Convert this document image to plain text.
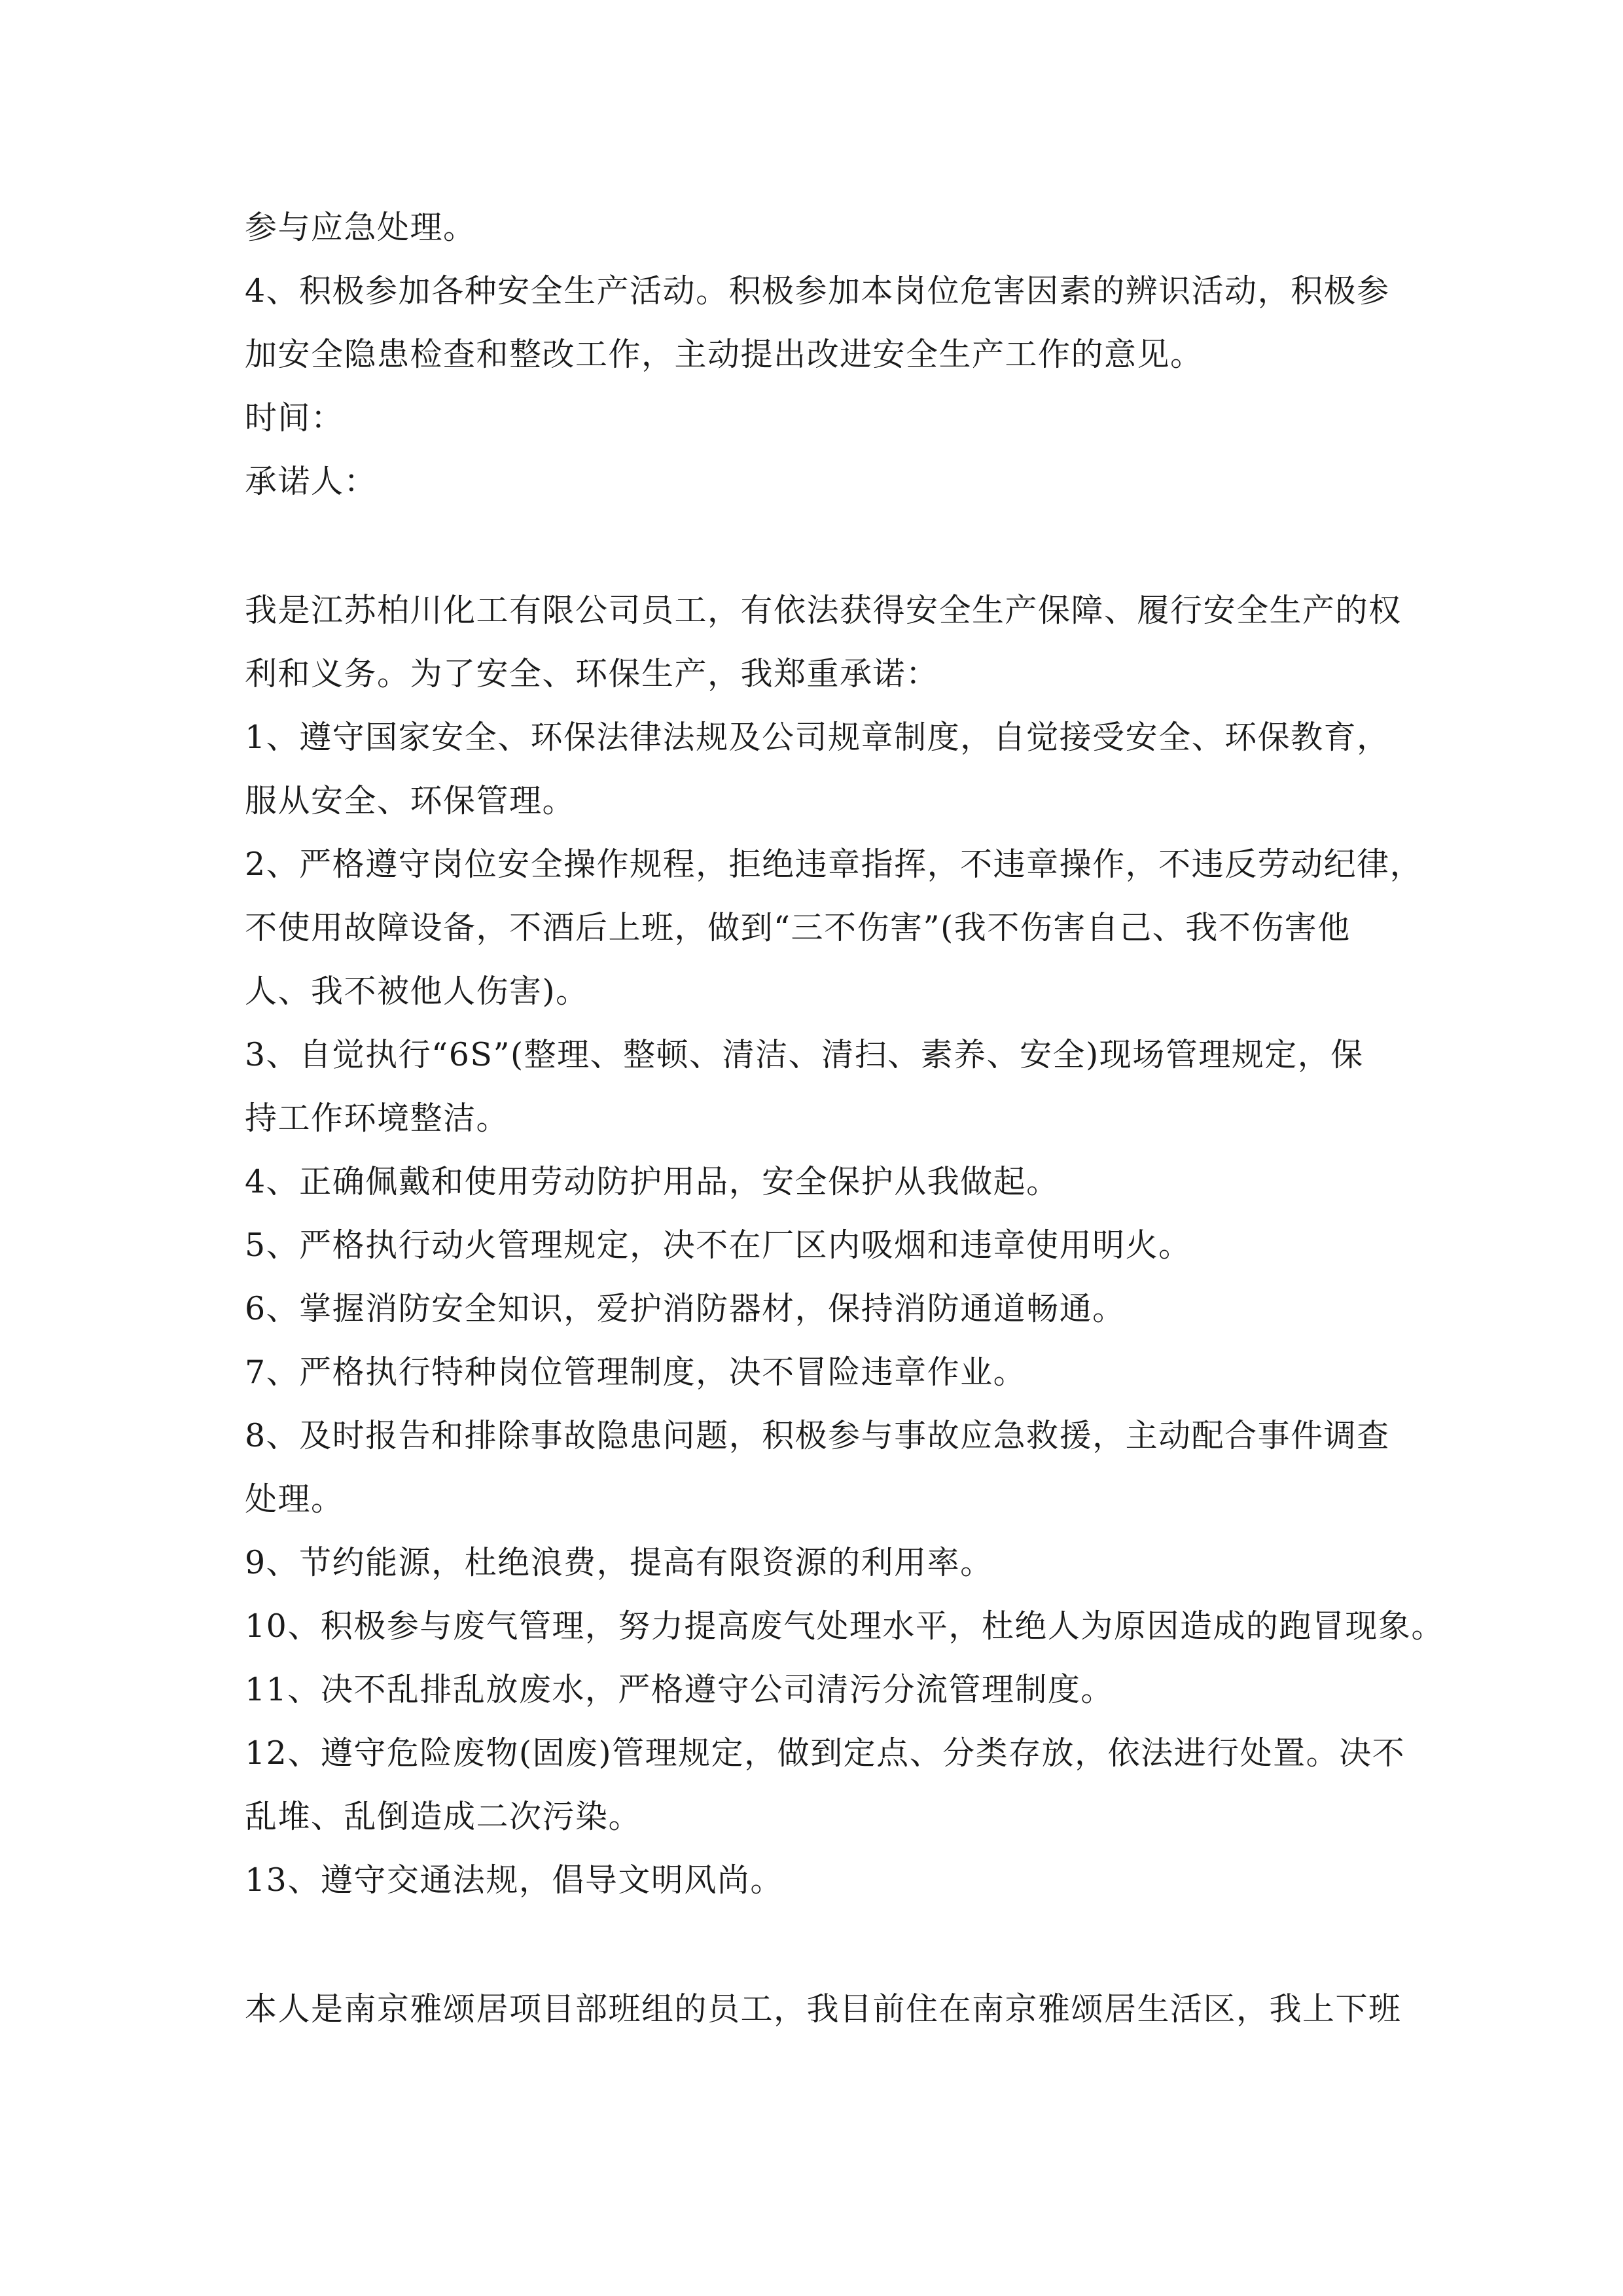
参与应急处理。
4、积极参加各种安全生产活动。积极参加本岗位危害因素的辨识活动，积极参
加安全隐患检查和整改工作，主动提出改进安全生产工作的意见。
时间：
承诺人：
我是江苏柏川化工有限公司员工，有依法获得安全生产保障、履行安全生产的权
利和义务。为了安全、环保生产，我郑重承诺：
1、遵守国家安全、环保法律法规及公司规章制度，自觉接受安全、环保教育，
服从安全、环保管理。
2、严格遵守岗位安全操作规程，拒绝违章指挥，不违章操作，不违反劳动纪律，
不使用故障设备，不酒后上班，做到“三不伤害”(我不伤害自己、我不伤害他
人、我不被他人伤害)。
3、自觉执行“6S”(整理、整顿、清洁、清扫、素养、安全)现场管理规定，保
持工作环境整洁。
4、正确佩戴和使用劳动防护用品，安全保护从我做起。
5、严格执行动火管理规定，决不在厂区内吸烟和违章使用明火。
6、掌握消防安全知识，爱护消防器材，保持消防通道畅通。
7、严格执行特种岗位管理制度，决不冒险违章作业。
8、及时报告和排除事故隐患问题，积极参与事故应急救援，主动配合事件调查
处理。
9、节约能源，杜绝浪费，提高有限资源的利用率。
10、积极参与废气管理，努力提高废气处理水平，杜绝人为原因造成的跑冒现象。
11、决不乱排乱放废水，严格遵守公司清污分流管理制度。
12、遵守危险废物(固废)管理规定，做到定点、分类存放，依法进行处置。决不
乱堆、乱倒造成二次污染。
13、遵守交通法规，倡导文明风尚。
本人是南京雅颂居项目部班组的员工，我目前住在南京雅颂居生活区，我上下班
